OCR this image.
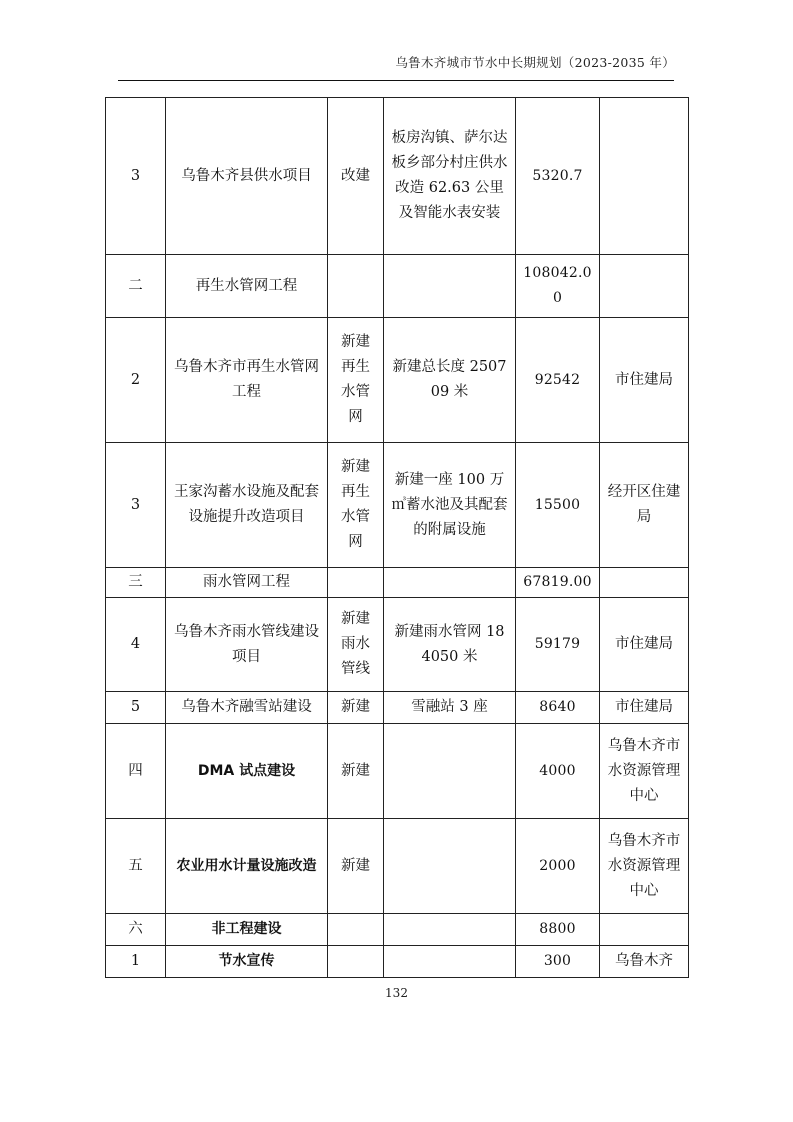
乌鲁木齐城市节水中长期规划（2023-2035 年）
3	乌鲁木齐县供水项目	改建	板房沟镇、萨尔达板乡部分村庄供水改造 62.63 公里及智能水表安装	5320.7	
二	再生水管网工程			108042.00	
2	乌鲁木齐市再生水管网工程	新建再生水管网	新建总长度 250709 米	92542	市住建局
3	王家沟蓄水设施及配套设施提升改造项目	新建再生水管网	新建一座 100 万㎥蓄水池及其配套的附属设施	15500	经开区住建局
三	雨水管网工程			67819.00	
4	乌鲁木齐雨水管线建设项目	新建雨水管线	新建雨水管网 184050 米	59179	市住建局
5	乌鲁木齐融雪站建设	新建	雪融站 3 座	8640	市住建局
四	DMA 试点建设	新建		4000	乌鲁木齐市水资源管理中心
五	农业用水计量设施改造	新建		2000	乌鲁木齐市水资源管理中心
六	非工程建设			8800	
1	节水宣传			300	乌鲁木齐
132
